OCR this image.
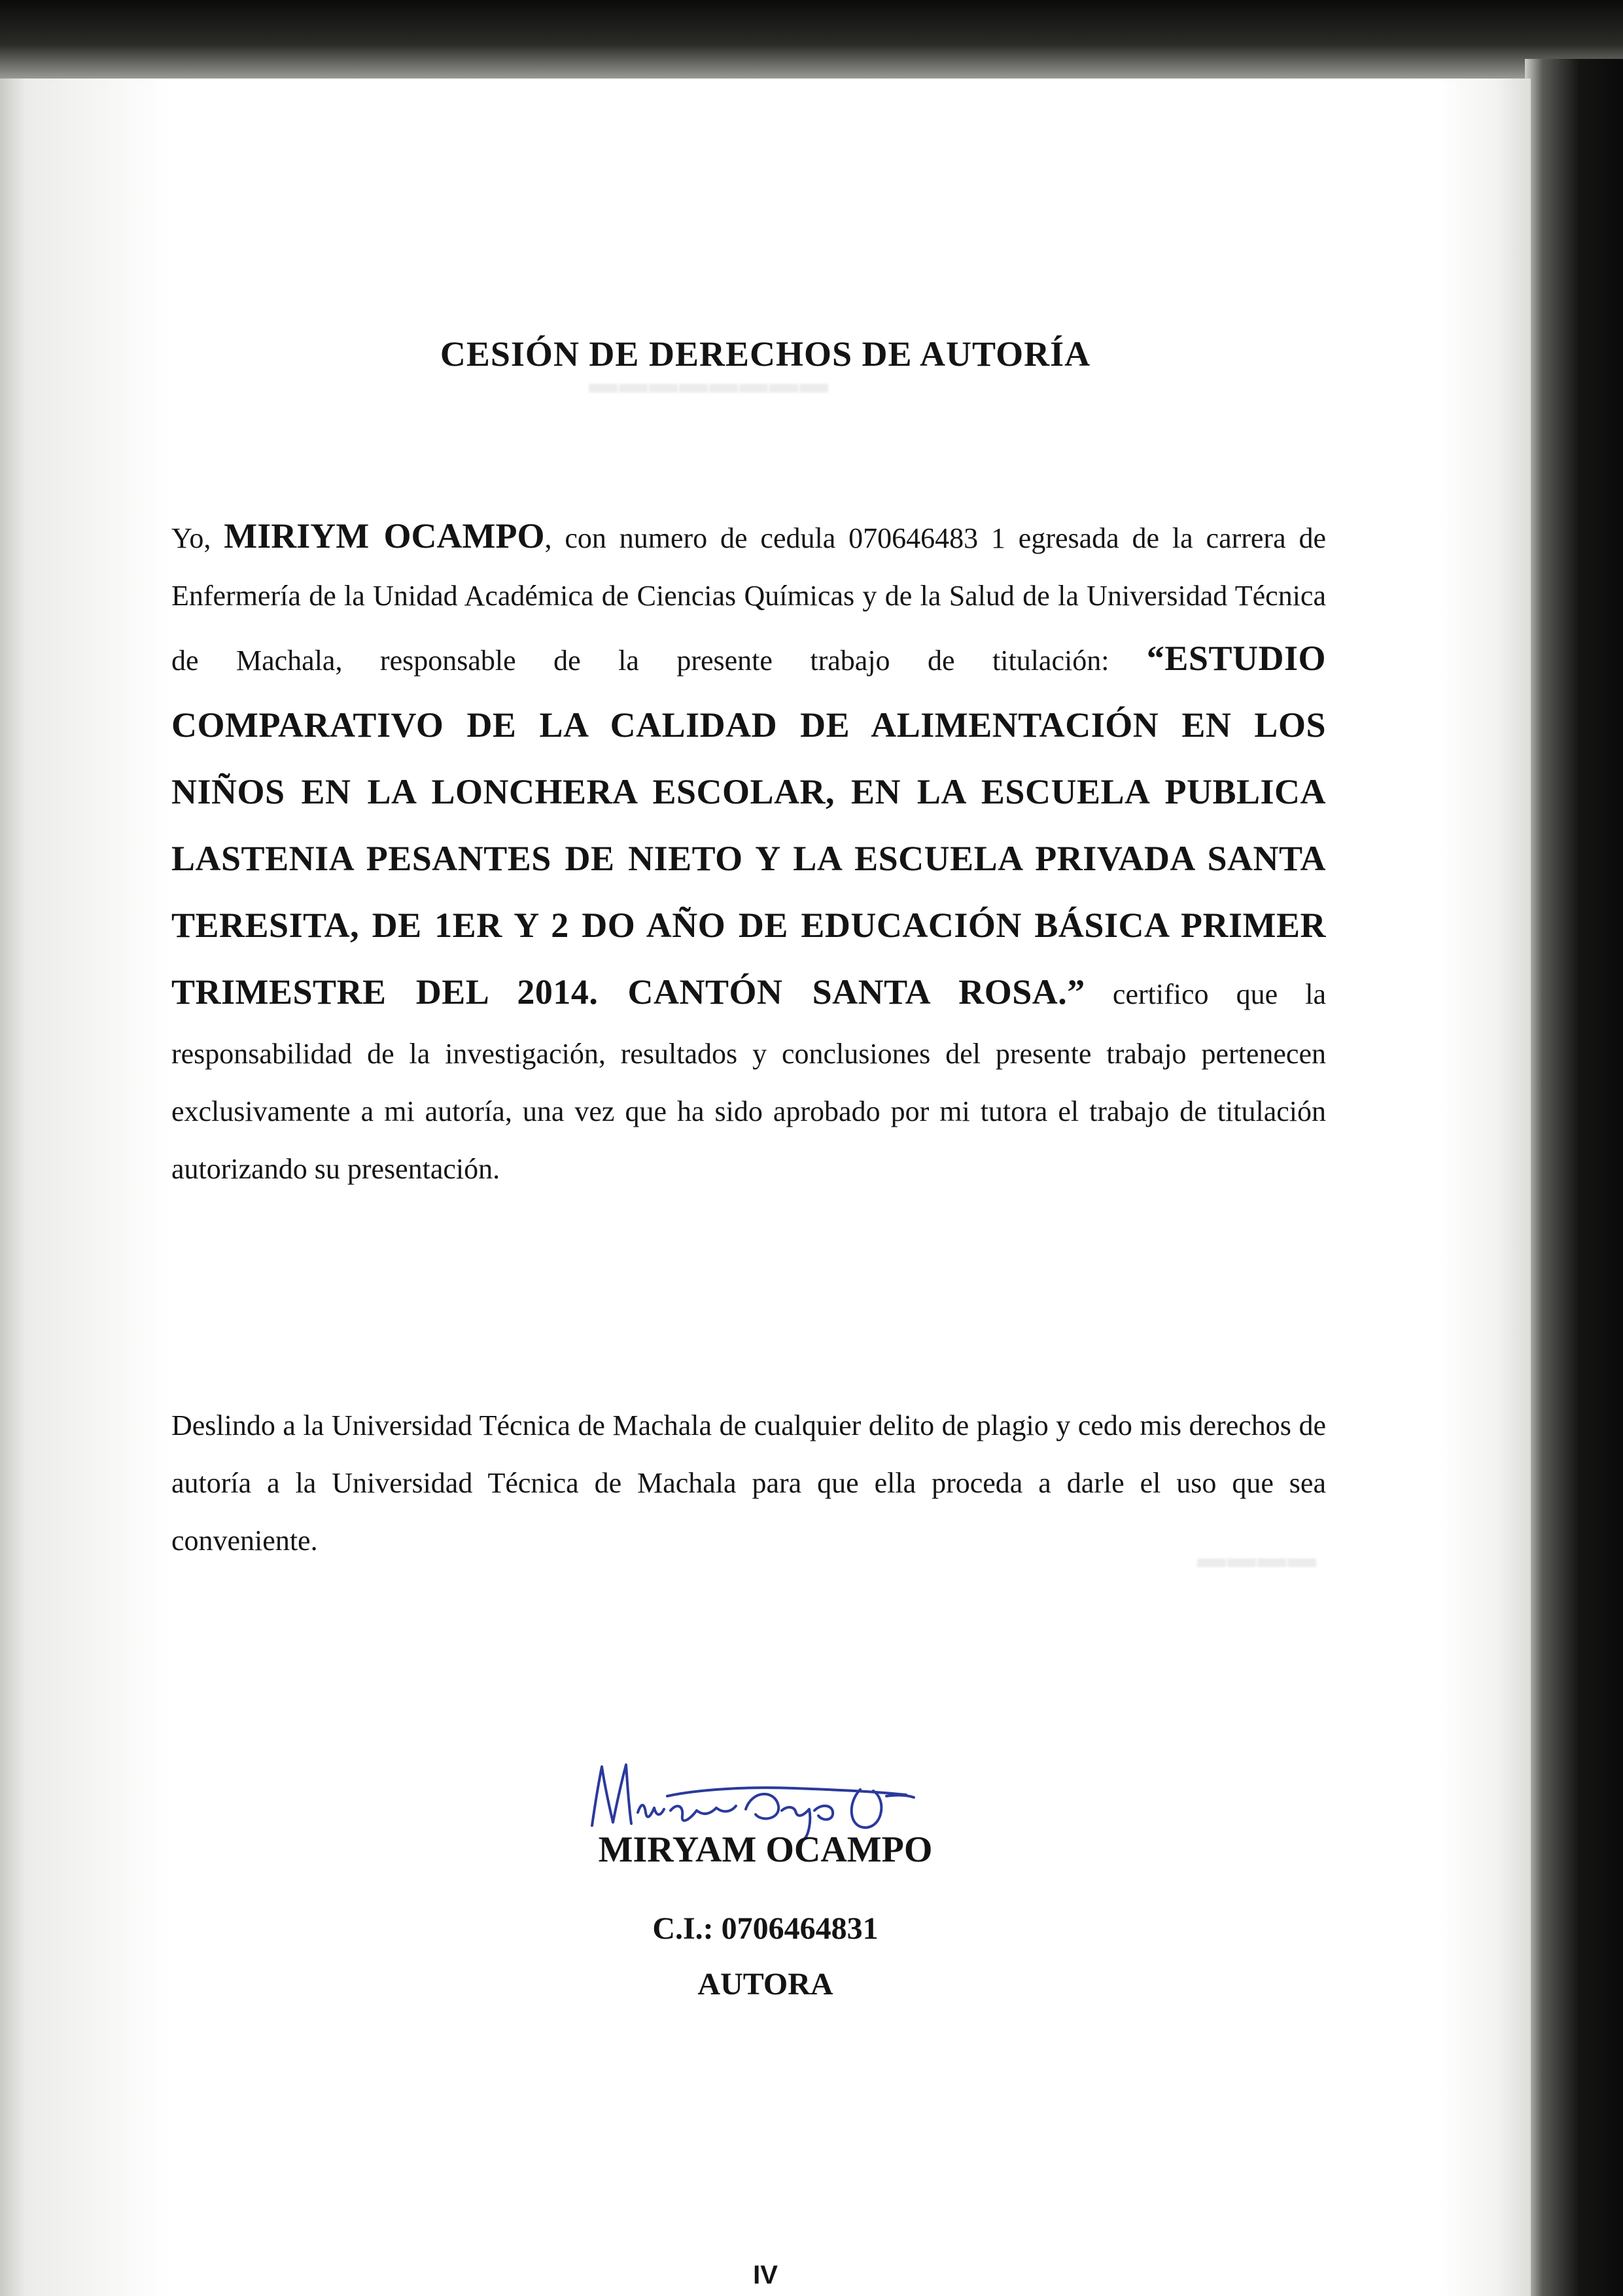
▬▬▬▬▬▬▬▬
▬▬▬▬
CESIÓN DE DERECHOS DE AUTORÍA
Yo, MIRIYM OCAMPO, con numero de cedula 070646483 1 egresada de la carrera de Enfermería de la Unidad Académica de Ciencias Químicas y de la Salud de la Universidad Técnica de Machala, responsable de la presente trabajo de titulación: “ESTUDIO COMPARATIVO DE LA CALIDAD DE ALIMENTACIÓN EN LOS NIÑOS EN LA LONCHERA ESCOLAR, EN LA ESCUELA PUBLICA LASTENIA PESANTES DE NIETO Y LA ESCUELA PRIVADA SANTA TERESITA, DE 1ER Y 2 DO AÑO DE EDUCACIÓN BÁSICA PRIMER TRIMESTRE DEL 2014. CANTÓN SANTA ROSA.” certifico que la responsabilidad de la investigación, resultados y conclusiones del presente trabajo pertenecen exclusivamente a mi autoría, una vez que ha sido aprobado por mi tutora el trabajo de titulación autorizando su presentación.
Deslindo a la Universidad Técnica de Machala de cualquier delito de plagio y cedo mis derechos de autoría a la Universidad Técnica de Machala para que ella proceda a darle el uso que sea conveniente.
MIRYAM OCAMPO
C.I.: 0706464831
AUTORA
IV
